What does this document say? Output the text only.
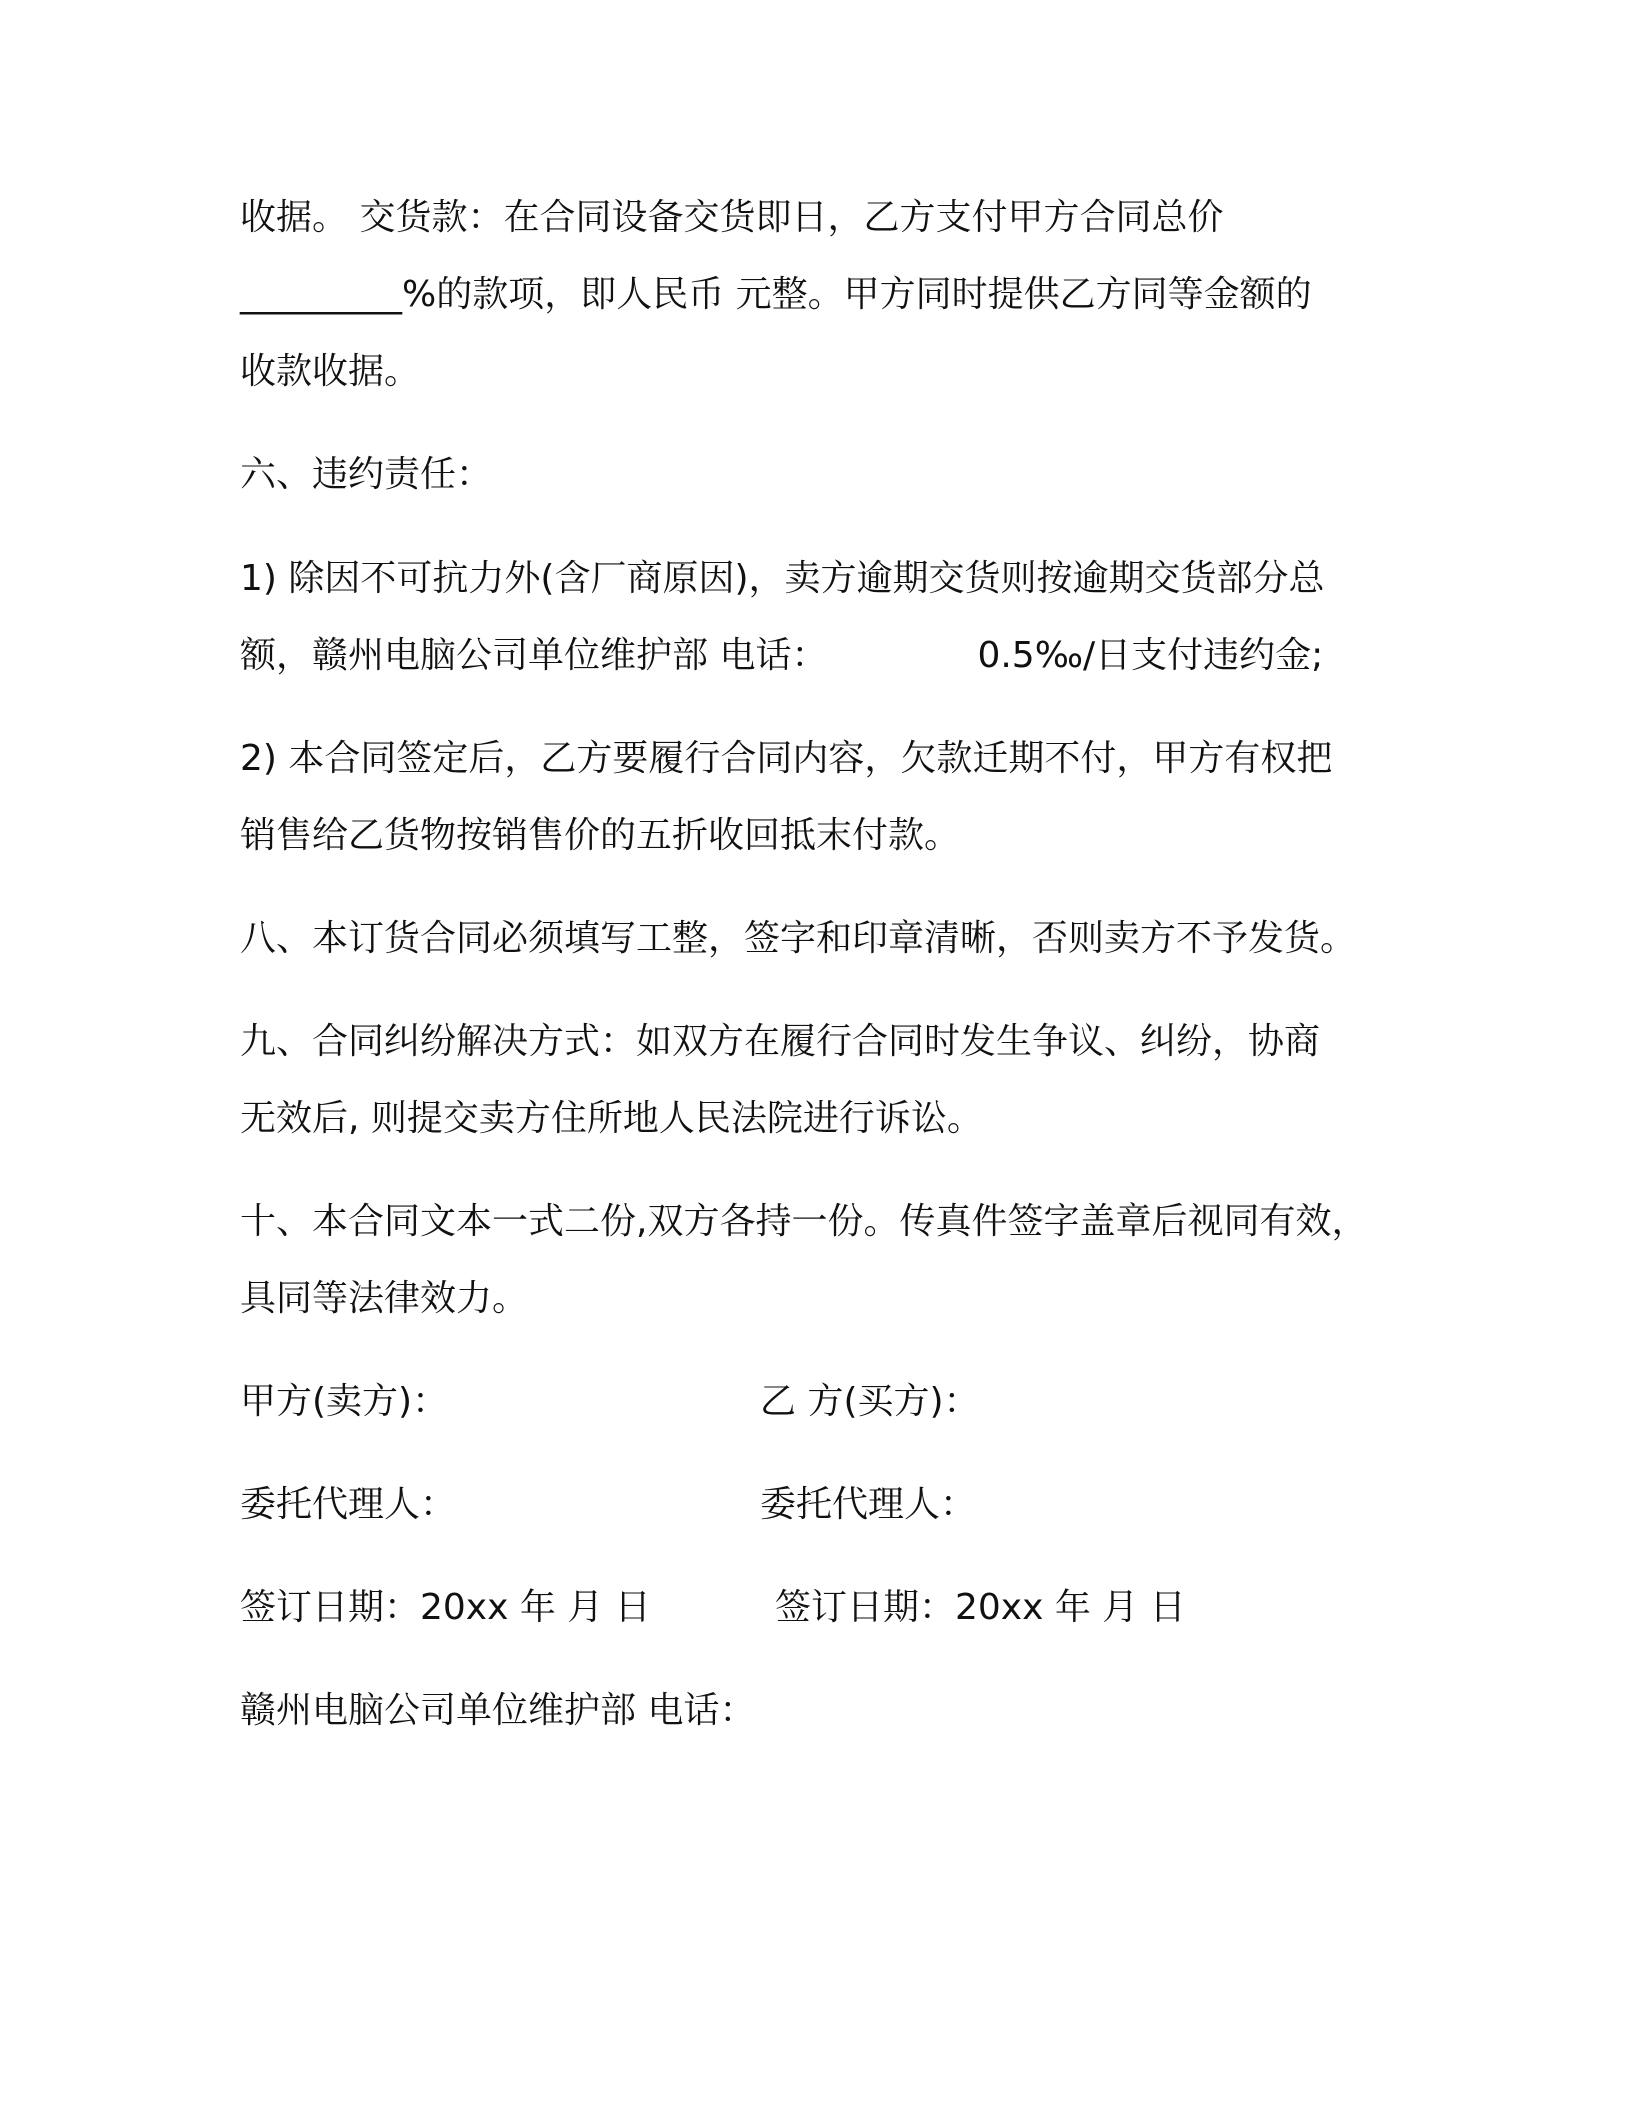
收据。 交货款：在合同设备交货即日，乙方支付甲方合同总价

_________%的款项，即人民币 元整。甲方同时提供乙方同等金额的

收款收据。

六、违约责任：

1) 除因不可抗力外(含厂商原因)，卖方逾期交货则按逾期交货部分总

额，赣州电脑公司单位维护部 电话：	0.5‰/日支付违约金;

2) 本合同签定后，乙方要履行合同内容，欠款迁期不付，甲方有权把

销售给乙货物按销售价的五折收回抵末付款。

八、本订货合同必须填写工整，签字和印章清晰，否则卖方不予发货。

九、合同纠纷解决方式：如双方在履行合同时发生争议、纠纷，协商

无效后, 则提交卖方住所地人民法院进行诉讼。

十、本合同文本一式二份,双方各持一份。传真件签字盖章后视同有效，

具同等法律效力。

甲方(卖方)：	乙 方(买方)：

委托代理人：	委托代理人：

签订日期：20xx 年 月 日	签订日期：20xx 年 月 日

赣州电脑公司单位维护部 电话：
